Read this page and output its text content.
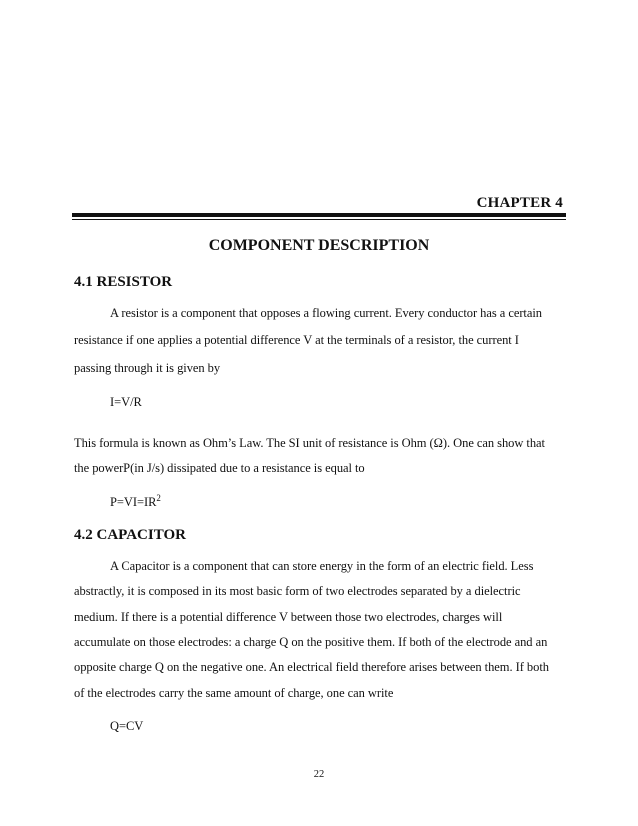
CHAPTER 4
COMPONENT DESCRIPTION
4.1 RESISTOR
A resistor is a component that opposes a flowing current. Every conductor has a certain
resistance if one applies a potential difference V at the terminals of a resistor, the current I
passing through it is given by
I=V/R
This formula is known as Ohm’s Law. The SI unit of resistance is Ohm (Ω). One can show that
the powerP(in J/s) dissipated due to a resistance is equal to
$P=VI=IR^2$
4.2 CAPACITOR
A Capacitor is a component that can store energy in the form of an electric field. Less
abstractly, it is composed in its most basic form of two electrodes separated by a dielectric
medium. If there is a potential difference V between those two electrodes, charges will
accumulate on those electrodes: a charge Q on the positive them. If both of the electrode and an
opposite charge Q on the negative one. An electrical field therefore arises between them. If both
of the electrodes carry the same amount of charge, one can write
Q=CV
22
